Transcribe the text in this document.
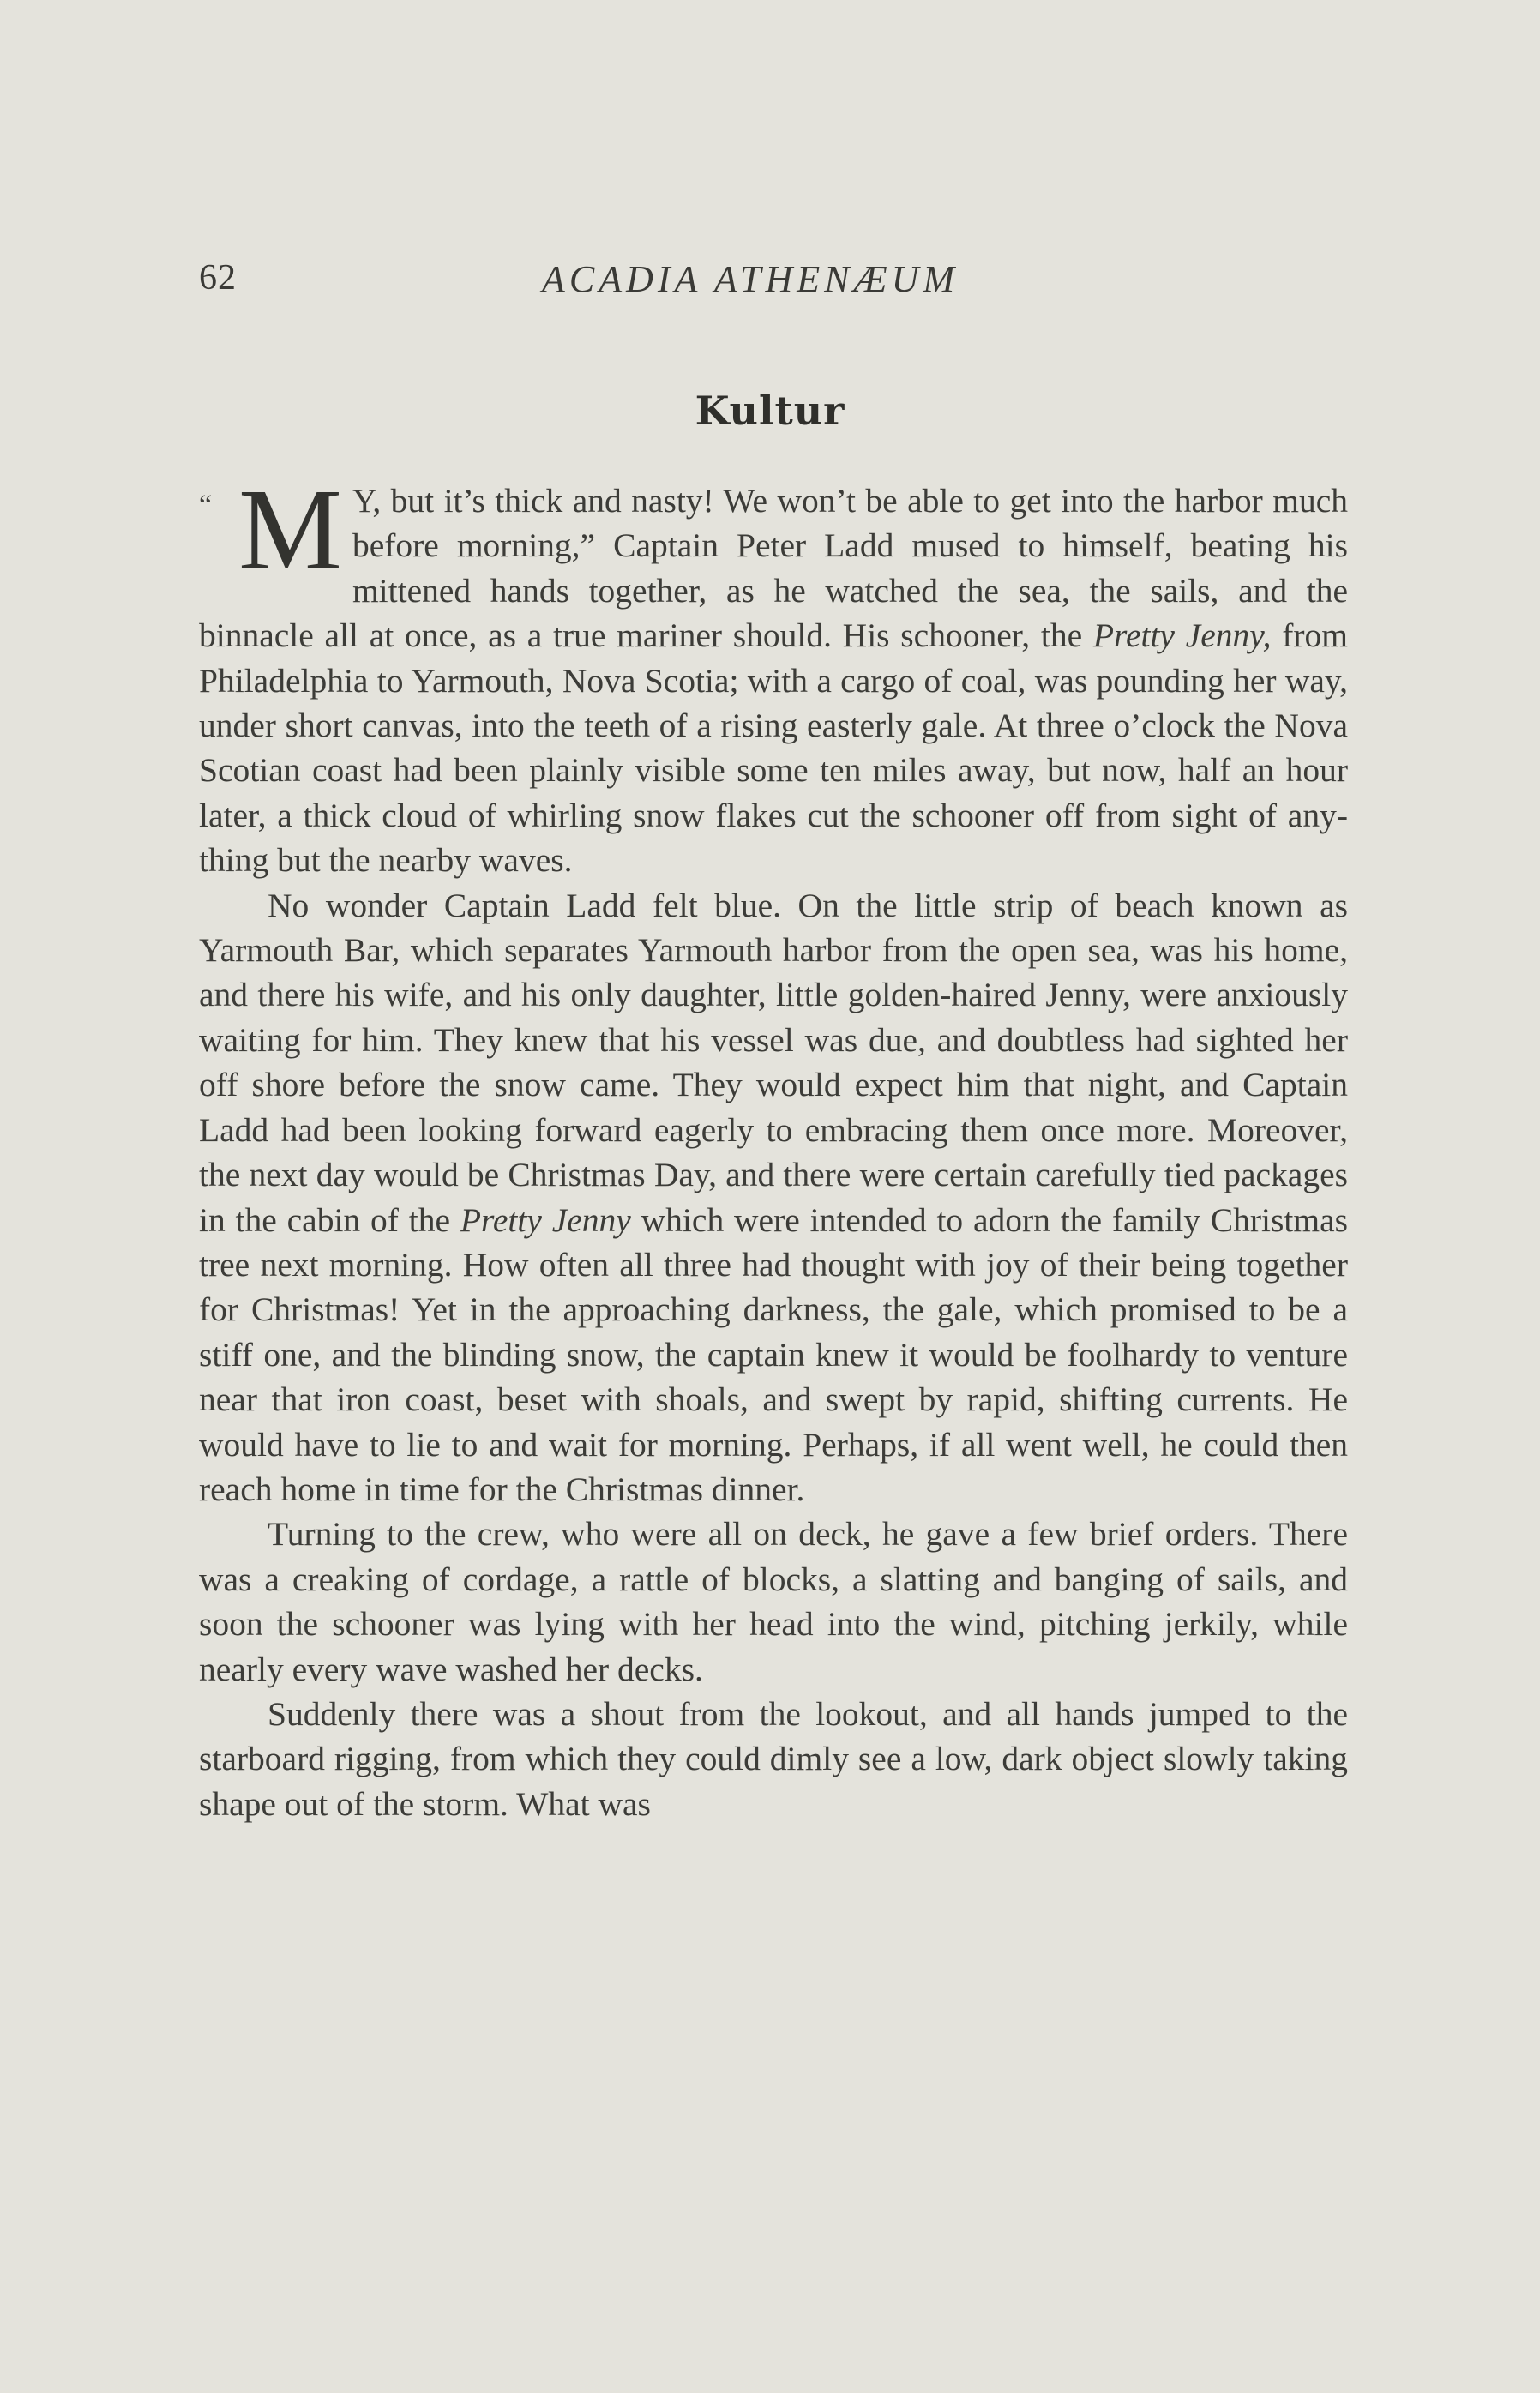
62	ACADIA ATHENÆUM
Kultur

“ M Y, but it’s thick and nasty! We won’t be able to get into the harbor much before morning,” Captain Peter Ladd mused to himself, beating his mittened hands together, as he watched the sea, the sails, and the binnacle all at once, as a true mariner should. His schooner, the Pretty Jenny, from Philadelphia to Yarmouth, Nova Scotia; with a cargo of coal, was pounding her way, under short canvas, into the teeth of a rising easterly gale. At three o’clock the Nova Scotian coast had been plainly visible some ten miles away, but now, half an hour later, a thick cloud of whirling snow flakes cut the schooner off from sight of anything but the nearby waves.

No wonder Captain Ladd felt blue. On the little strip of beach known as Yarmouth Bar, which separates Yarmouth harbor from the open sea, was his home, and there his wife, and his only daughter, little golden-haired Jenny, were anxiously waiting for him. They knew that his vessel was due, and doubtless had sighted her off shore before the snow came. They would expect him that night, and Captain Ladd had been looking forward eagerly to embracing them once more. Moreover, the next day would be Christmas Day, and there were certain carefully tied packages in the cabin of the Pretty Jenny which were intended to adorn the family Christmas tree next morning. How often all three had thought with joy of their being together for Christmas! Yet in the approaching darkness, the gale, which promised to be a stiff one, and the blinding snow, the captain knew it would be foolhardy to venture near that iron coast, beset with shoals, and swept by rapid, shifting currents. He would have to lie to and wait for morning. Perhaps, if all went well, he could then reach home in time for the Christmas dinner.

Turning to the crew, who were all on deck, he gave a few brief orders. There was a creaking of cordage, a rattle of blocks, a slatting and banging of sails, and soon the schooner was lying with her head into the wind, pitching jerkily, while nearly every wave washed her decks.

Suddenly there was a shout from the lookout, and all hands jumped to the starboard rigging, from which they could dimly see a low, dark object slowly taking shape out of the storm. What was
